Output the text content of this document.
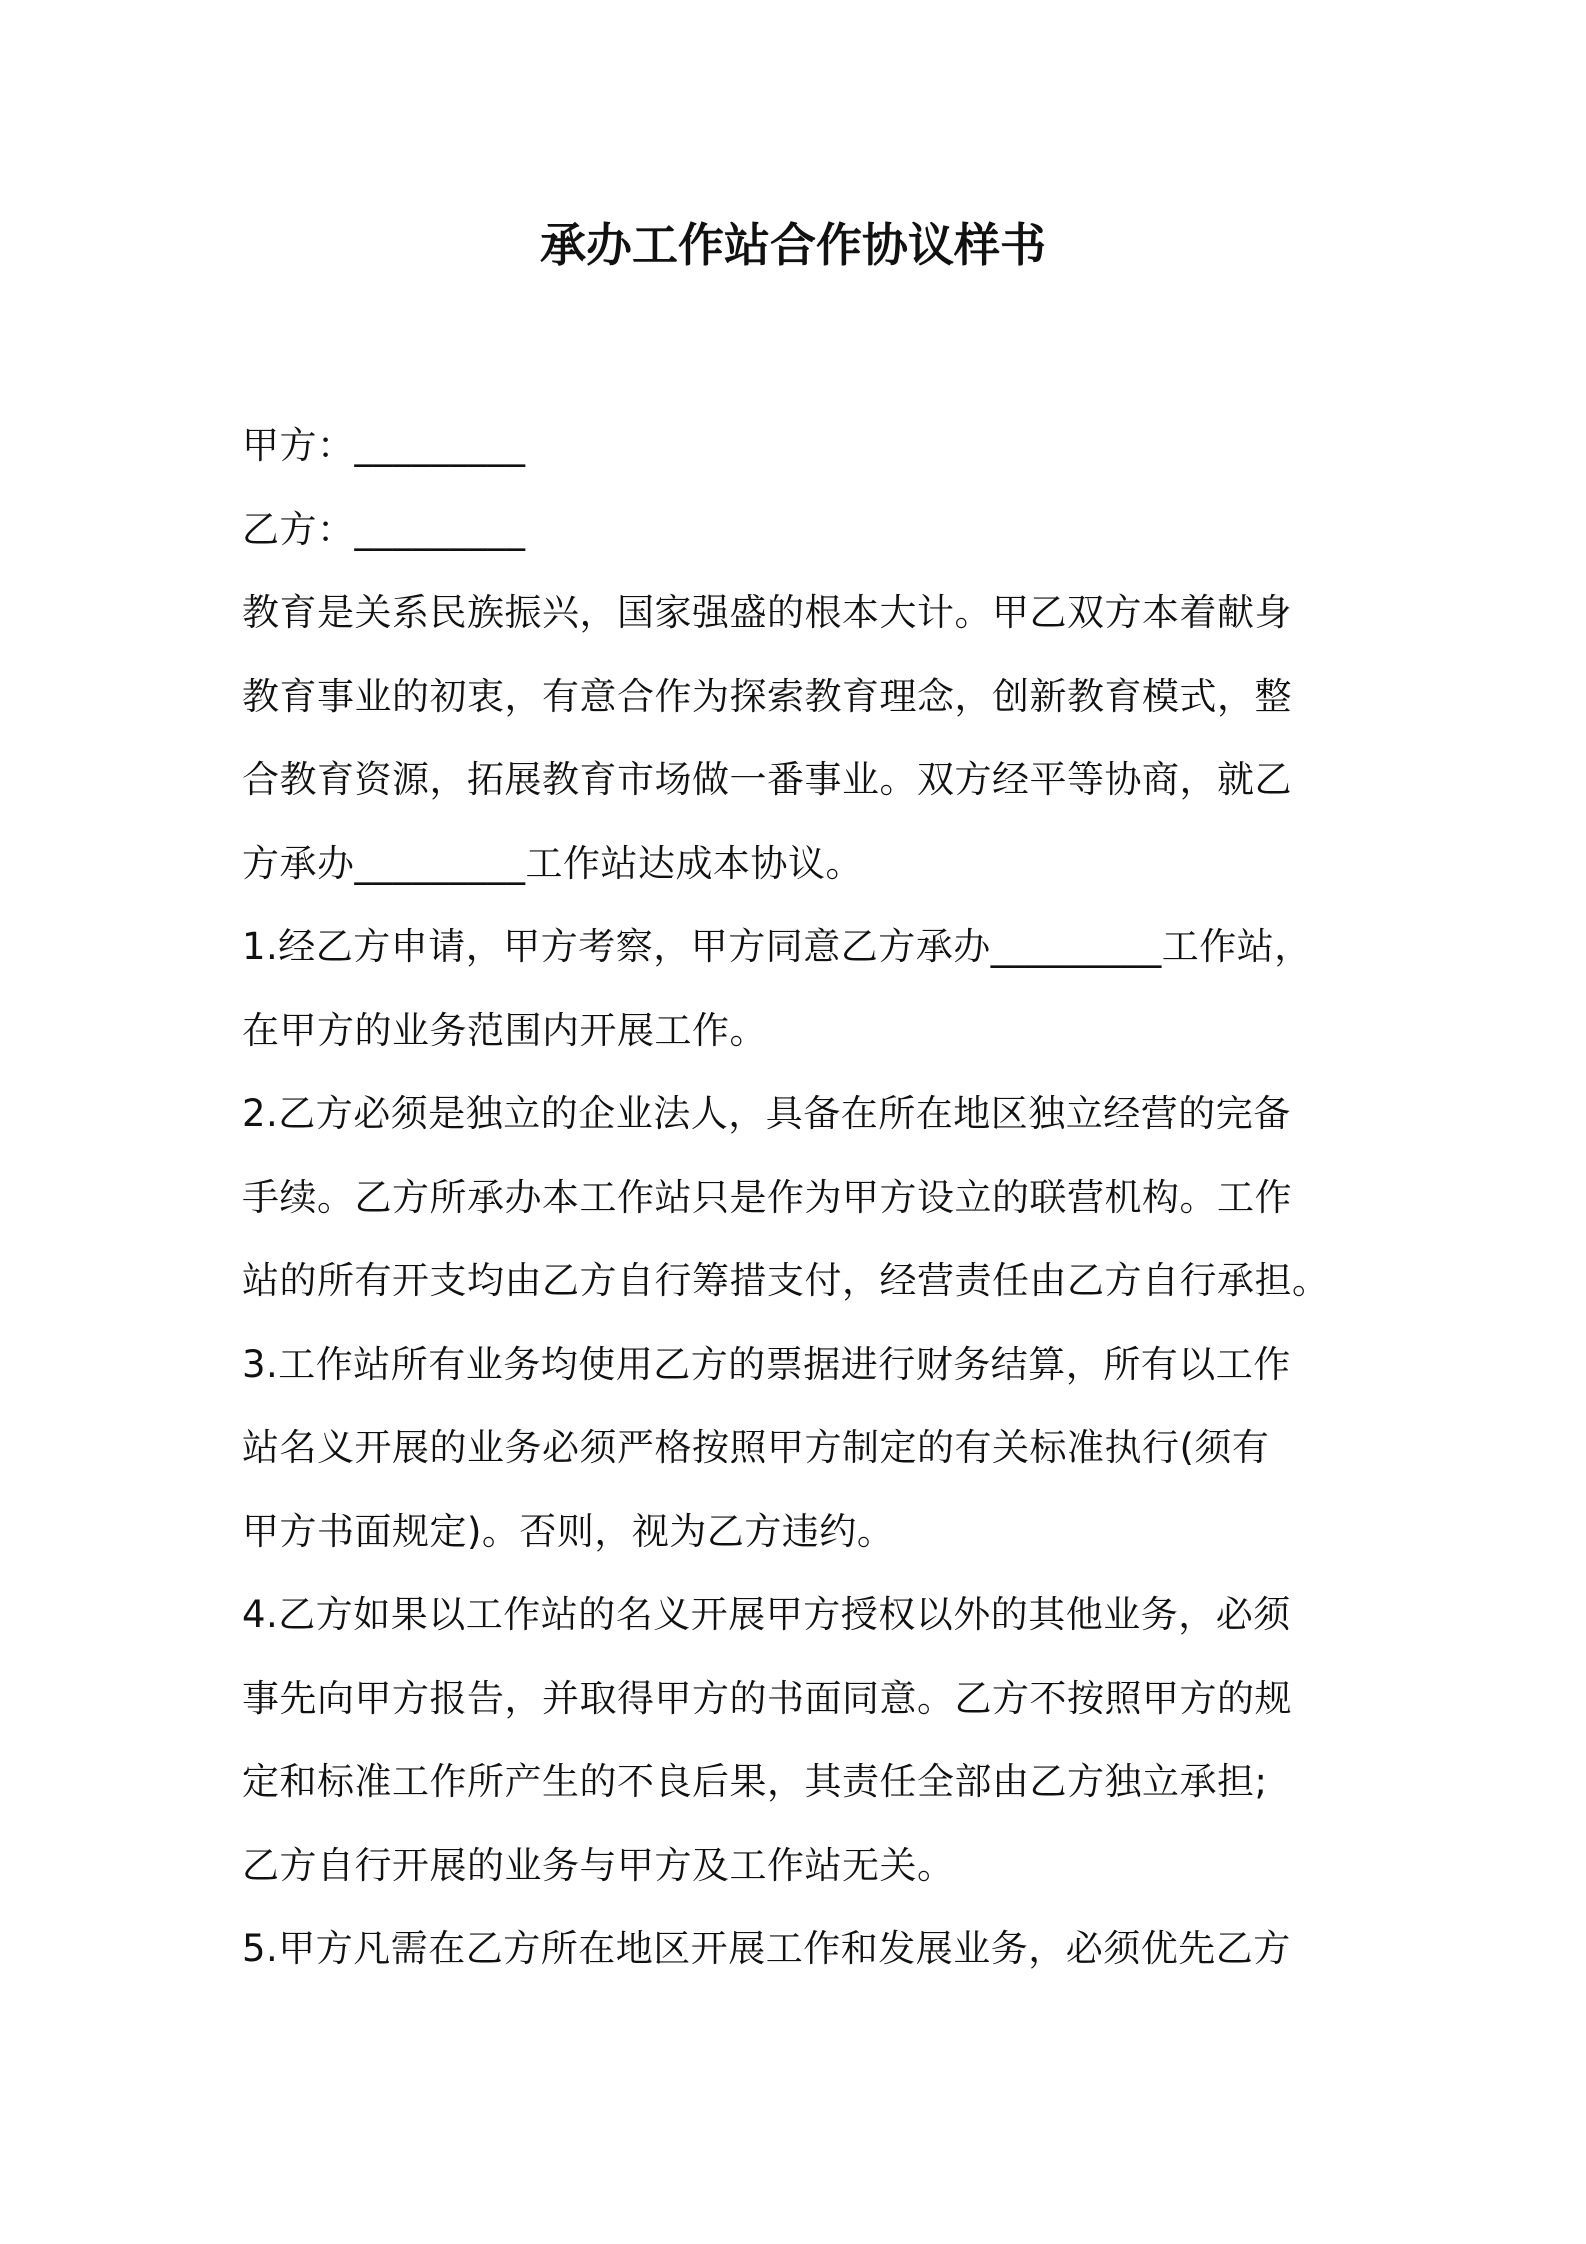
承办工作站合作协议样书
甲方：_________
乙方：_________
教育是关系民族振兴，国家强盛的根本大计。甲乙双方本着献身
教育事业的初衷，有意合作为探索教育理念，创新教育模式，整
合教育资源，拓展教育市场做一番事业。双方经平等协商，就乙
方承办_________工作站达成本协议。
1.经乙方申请，甲方考察，甲方同意乙方承办_________工作站，
在甲方的业务范围内开展工作。
2.乙方必须是独立的企业法人，具备在所在地区独立经营的完备
手续。乙方所承办本工作站只是作为甲方设立的联营机构。工作
站的所有开支均由乙方自行筹措支付，经营责任由乙方自行承担。
3.工作站所有业务均使用乙方的票据进行财务结算，所有以工作
站名义开展的业务必须严格按照甲方制定的有关标准执行(须有
甲方书面规定)。否则，视为乙方违约。
4.乙方如果以工作站的名义开展甲方授权以外的其他业务，必须
事先向甲方报告，并取得甲方的书面同意。乙方不按照甲方的规
定和标准工作所产生的不良后果，其责任全部由乙方独立承担;
乙方自行开展的业务与甲方及工作站无关。
5.甲方凡需在乙方所在地区开展工作和发展业务，必须优先乙方
